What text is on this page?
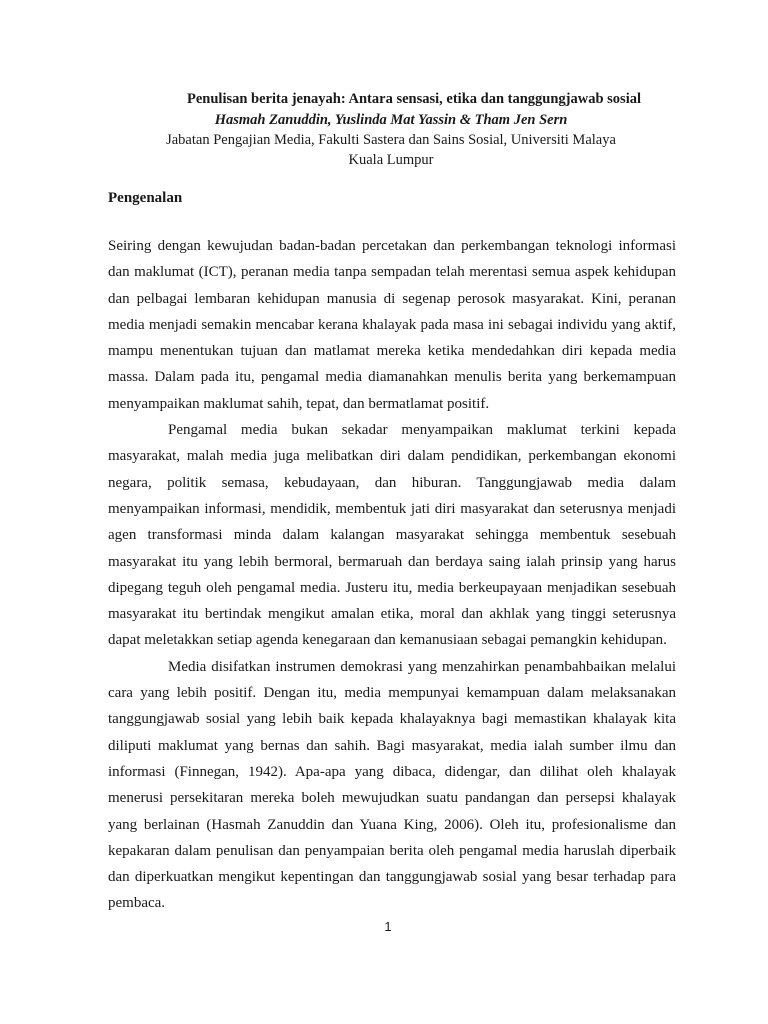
Penulisan berita jenayah: Antara sensasi, etika dan tanggungjawab sosial

Hasmah Zanuddin, Yuslinda Mat Yassin & Tham Jen Sern

Jabatan Pengajian Media, Fakulti Sastera dan Sains Sosial, Universiti Malaya

Kuala Lumpur

Pengenalan

Seiring dengan kewujudan badan-badan percetakan dan perkembangan teknologi informasi dan maklumat (ICT), peranan media tanpa sempadan telah merentasi semua aspek kehidupan dan pelbagai lembaran kehidupan manusia di segenap perosok masyarakat. Kini, peranan media menjadi semakin mencabar kerana khalayak pada masa ini sebagai individu yang aktif, mampu menentukan tujuan dan matlamat mereka ketika mendedahkan diri kepada media massa. Dalam pada itu, pengamal media diamanahkan menulis berita yang berkemampuan menyampaikan maklumat sahih, tepat, dan bermatlamat positif.

Pengamal media bukan sekadar menyampaikan maklumat terkini kepada masyarakat, malah media juga melibatkan diri dalam pendidikan, perkembangan ekonomi negara, politik semasa, kebudayaan, dan hiburan. Tanggungjawab media dalam menyampaikan informasi, mendidik, membentuk jati diri masyarakat dan seterusnya menjadi agen transformasi minda dalam kalangan masyarakat sehingga membentuk sesebuah masyarakat itu yang lebih bermoral, bermaruah dan berdaya saing ialah prinsip yang harus dipegang teguh oleh pengamal media. Justeru itu, media berkeupayaan menjadikan sesebuah masyarakat itu bertindak mengikut amalan etika, moral dan akhlak yang tinggi seterusnya dapat meletakkan setiap agenda kenegaraan dan kemanusiaan sebagai pemangkin kehidupan.

Media disifatkan instrumen demokrasi yang menzahirkan penambahbaikan melalui cara yang lebih positif. Dengan itu, media mempunyai kemampuan dalam melaksanakan tanggungjawab sosial yang lebih baik kepada khalayaknya bagi memastikan khalayak kita diliputi maklumat yang bernas dan sahih. Bagi masyarakat, media ialah sumber ilmu dan informasi (Finnegan, 1942). Apa-apa yang dibaca, didengar, dan dilihat oleh khalayak menerusi persekitaran mereka boleh mewujudkan suatu pandangan dan persepsi khalayak yang berlainan (Hasmah Zanuddin dan Yuana King, 2006). Oleh itu, profesionalisme dan kepakaran dalam penulisan dan penyampaian berita oleh pengamal media haruslah diperbaik dan diperkuatkan mengikut kepentingan dan tanggungjawab sosial yang besar terhadap para pembaca.

1
